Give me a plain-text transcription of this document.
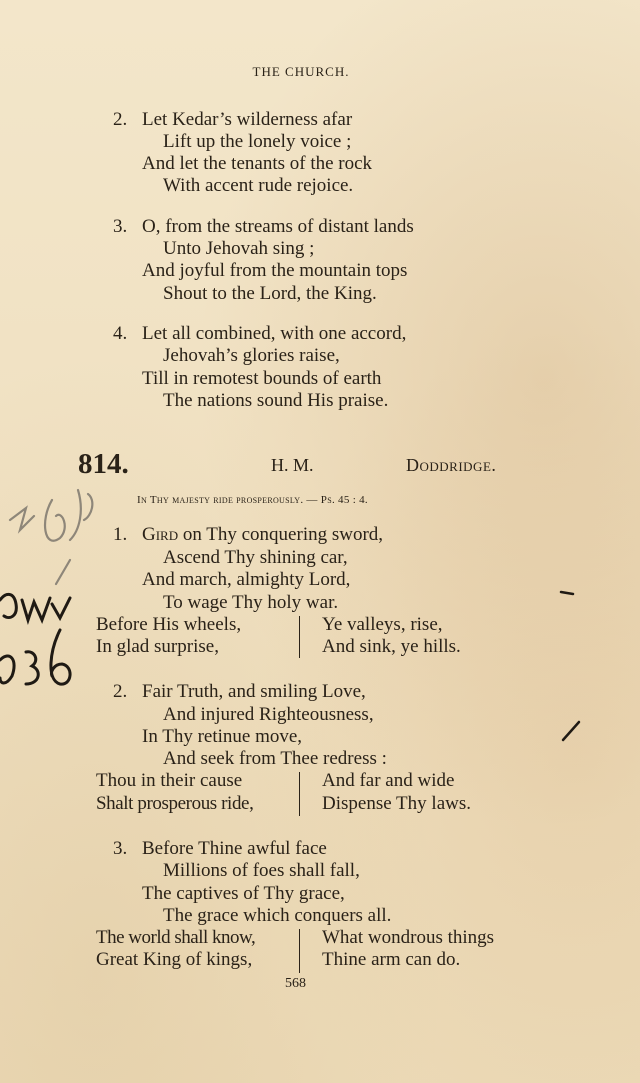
THE CHURCH.
2. Let Kedar’s wilderness afar
Lift up the lonely voice ;
And let the tenants of the rock
With accent rude rejoice.
3. O, from the streams of distant lands
Unto Jehovah sing ;
And joyful from the mountain tops
Shout to the Lord, the King.
4. Let all combined, with one accord,
Jehovah’s glories raise,
Till in remotest bounds of earth
The nations sound His praise.
814.	H. M.	Doddridge.
In Thy majesty ride prosperously. — Ps. 45 : 4.
1. Gird on Thy conquering sword,
Ascend Thy shining car,
And march, almighty Lord,
To wage Thy holy war.
Before His wheels,
In glad surprise,
Ye valleys, rise,
And sink, ye hills.
2. Fair Truth, and smiling Love,
And injured Righteousness,
In Thy retinue move,
And seek from Thee redress :
Thou in their cause
Shalt prosperous ride,
And far and wide
Dispense Thy laws.
3. Before Thine awful face
Millions of foes shall fall,
The captives of Thy grace,
The grace which conquers all.
The world shall know,
Great King of kings,
What wondrous things
Thine arm can do.
568
